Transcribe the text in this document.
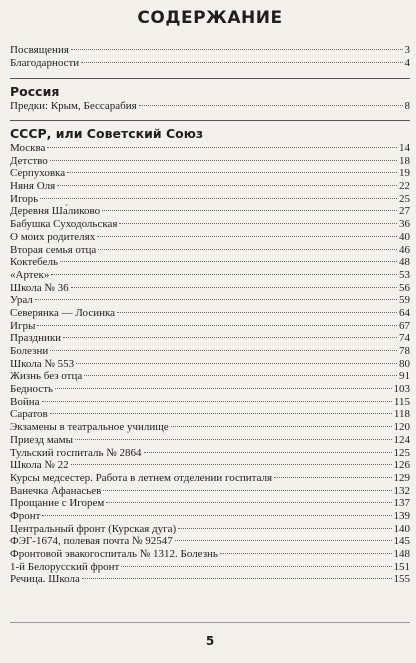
СОДЕРЖАНИЕ
Посвящения	3
Благодарности	4
Россия
Предки: Крым, Бессарабия	8
СССР, или Советский Союз
Москва	14
Детство	18
Серпуховка	19
Няня Оля	22
Игорь	25
Деревня Ша́ликово	27
Бабушка Суходольская	36
О моих родителях	40
Вторая семья отца	46
Коктебель	48
«Артек»	53
Школа № 36	56
Урал	59
Северянка — Лосинка	64
Игры	67
Праздники	74
Болезни	78
Школа № 553	80
Жизнь без отца	91
Бедность	103
Война	115
Саратов	118
Экзамены в театральное училище	120
Приезд мамы	124
Тульский госпиталь № 2864	125
Школа № 22	126
Курсы медсестер. Работа в летнем отделении госпиталя	129
Ванечка Афанасьев	132
Прощание с Игорем	137
Фронт	139
Центральный фронт (Курская дуга)	140
ФЭГ-1674, полевая почта № 92547	145
Фронтовой эвакогоспиталь № 1312. Болезнь	148
1-й Белорусский фронт	151
Речица. Школа	155
5
